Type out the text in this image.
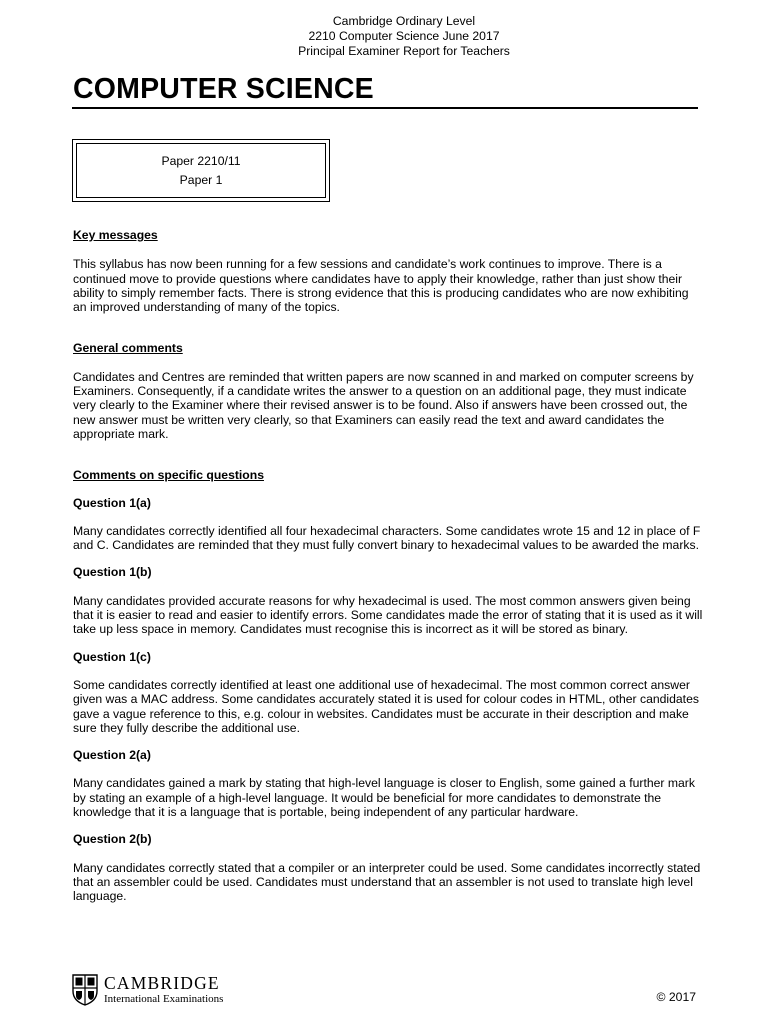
Cambridge Ordinary Level
2210 Computer Science June 2017
Principal Examiner Report for Teachers
COMPUTER SCIENCE
Paper 2210/11
Paper 1

Key messages

This syllabus has now been running for a few sessions and candidate’s work continues to improve. There is a continued move to provide questions where candidates have to apply their knowledge, rather than just show their ability to simply remember facts. There is strong evidence that this is producing candidates who are now exhibiting an improved understanding of many of the topics.

General comments

Candidates and Centres are reminded that written papers are now scanned in and marked on computer screens by Examiners. Consequently, if a candidate writes the answer to a question on an additional page, they must indicate very clearly to the Examiner where their revised answer is to be found. Also if answers have been crossed out, the new answer must be written very clearly, so that Examiners can easily read the text and award candidates the appropriate mark.

Comments on specific questions

Question 1(a)

Many candidates correctly identified all four hexadecimal characters. Some candidates wrote 15 and 12 in place of F and C. Candidates are reminded that they must fully convert binary to hexadecimal values to be awarded the marks.

Question 1(b)

Many candidates provided accurate reasons for why hexadecimal is used. The most common answers given being that it is easier to read and easier to identify errors. Some candidates made the error of stating that it is used as it will take up less space in memory. Candidates must recognise this is incorrect as it will be stored as binary.

Question 1(c)

Some candidates correctly identified at least one additional use of hexadecimal. The most common correct answer given was a MAC address. Some candidates accurately stated it is used for colour codes in HTML, other candidates gave a vague reference to this, e.g. colour in websites. Candidates must be accurate in their description and make sure they fully describe the additional use.

Question 2(a)

Many candidates gained a mark by stating that high-level language is closer to English, some gained a further mark by stating an example of a high-level language. It would be beneficial for more candidates to demonstrate the knowledge that it is a language that is portable, being independent of any particular hardware.

Question 2(b)

Many candidates correctly stated that a compiler or an interpreter could be used. Some candidates incorrectly stated that an assembler could be used. Candidates must understand that an assembler is not used to translate high level language.

CAMBRIDGE
International Examinations	© 2017
